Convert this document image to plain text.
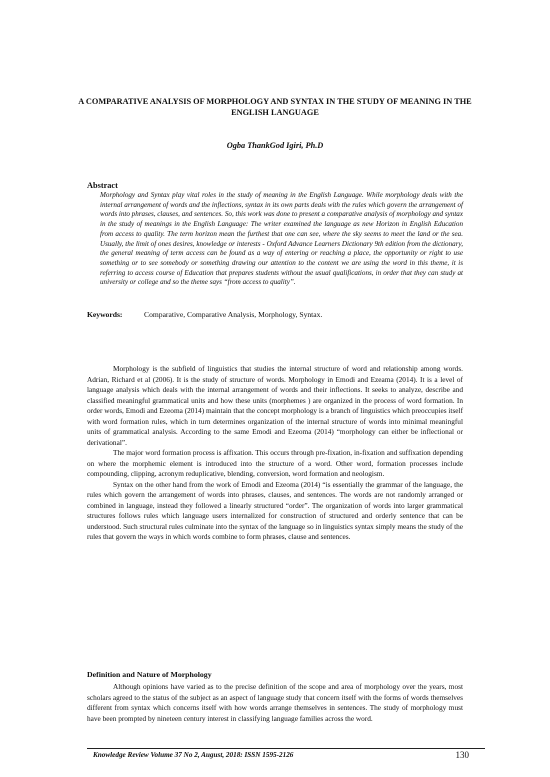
A COMPARATIVE ANALYSIS OF MORPHOLOGY AND SYNTAX IN THE STUDY OF MEANING IN THE ENGLISH LANGUAGE
Ogba ThankGod Igiri, Ph.D
Abstract
Morphology and Syntax play vital roles in the study of meaning in the English Language. While morphology deals with the internal arrangement of words and the inflections, syntax in its own parts deals with the rules which govern the arrangement of words into phrases, clauses, and sentences. So, this work was done to present a comparative analysis of morphology and syntax in the study of meanings in the English Language: The writer examined the language as new Horizon in English Education from access to quality. The term horizon mean the furthest that one can see, where the sky seems to meet the land or the sea. Usually, the limit of ones desires, knowledge or interests - Oxford Advance Learners Dictionary 9th edition from the dictionary, the general meaning of term access can be found as a way of entering or reaching a place, the opportunity or right to use something or to see somebody or something drawing our attention to the content we are using the word in this theme, it is referring to access course of Education that prepares students without the usual qualifications, in order that they can study at university or college and so the theme says “from access to quality”.
Keywords:	Comparative, Comparative Analysis, Morphology, Syntax.

Morphology is the subfield of linguistics that studies the internal structure of word and relationship among words. Adrian, Richard et al (2006). It is the study of structure of words. Morphology in Emodi and Ezeama (2014). It is a level of language analysis which deals with the internal arrangement of words and their inflections. It seeks to analyze, describe and classified meaningful grammatical units and how these units (morphemes ) are organized in the process of word formation. In order words, Emodi and Ezeoma (2014) maintain that the concept morphology is a branch of linguistics which preoccupies itself with word formation rules, which in turn determines organization of the internal structure of words into minimal meaningful units of grammatical analysis. According to the same Emodi and Ezeoma (2014) “morphology can either be inflectional or derivational”.

The major word formation process is affixation. This occurs through pre-fixation, in-fixation and suffixation depending on where the morphemic element is introduced into the structure of a word. Other word, formation processes include compounding, clipping, acronym reduplicative, blending, conversion, word formation and neologism.

Syntax on the other hand from the work of Emodi and Ezeoma (2014) “is essentially the grammar of the language, the rules which govern the arrangement of words into phrases, clauses, and sentences. The words are not randomly arranged or combined in language, instead they followed a linearly structured “order”. The organization of words into larger grammatical structures follows rules which language users internalized for construction of structured and orderly sentence that can be understood. Such structural rules culminate into the syntax of the language so in linguistics syntax simply means the study of the rules that govern the ways in which words combine to form phrases, clause and sentences.

Definition and Nature of Morphology

Although opinions have varied as to the precise definition of the scope and area of morphology over the years, most scholars agreed to the status of the subject as an aspect of language study that concern itself with the forms of words themselves different from syntax which concerns itself with how words arrange themselves in sentences. The study of morphology must have been prompted by nineteen century interest in classifying language families across the word.

Knowledge Review Volume 37 No 2, August, 2018: ISSN 1595-2126	130
